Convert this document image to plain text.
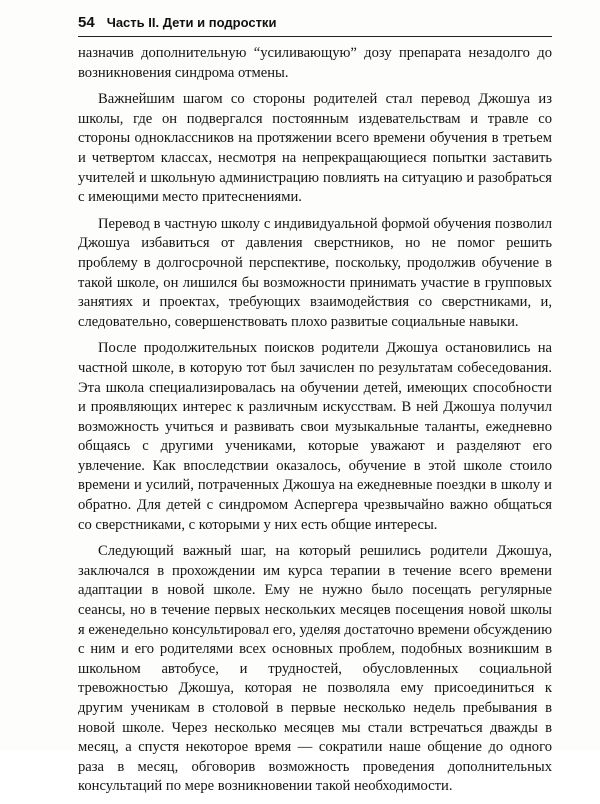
54 Часть II. Дети и подростки

назначив дополнительную “усиливающую” дозу препарата незадолго до возникновения синдрома отмены.

Важнейшим шагом со стороны родителей стал перевод Джошуа из школы, где он подвергался постоянным издевательствам и травле со стороны одноклассников на протяжении всего времени обучения в третьем и четвертом классах, несмотря на непрекращающиеся попытки заставить учителей и школьную администрацию повлиять на ситуацию и разобраться с имеющими место притеснениями.

Перевод в частную школу с индивидуальной формой обучения позволил Джошуа избавиться от давления сверстников, но не помог решить проблему в долгосрочной перспективе, поскольку, продолжив обучение в такой школе, он лишился бы возможности принимать участие в групповых занятиях и проектах, требующих взаимодействия со сверстниками, и, следовательно, совершенствовать плохо развитые социальные навыки.

После продолжительных поисков родители Джошуа остановились на частной школе, в которую тот был зачислен по результатам собеседования. Эта школа специализировалась на обучении детей, имеющих способности и проявляющих интерес к различным искусствам. В ней Джошуа получил возможность учиться и развивать свои музыкальные таланты, ежедневно общаясь с другими учениками, которые уважают и разделяют его увлечение. Как впоследствии оказалось, обучение в этой школе стоило времени и усилий, потраченных Джошуа на ежедневные поездки в школу и обратно. Для детей с синдромом Аспергера чрезвычайно важно общаться со сверстниками, с которыми у них есть общие интересы.

Следующий важный шаг, на который решились родители Джошуа, заключался в прохождении им курса терапии в течение всего времени адаптации в новой школе. Ему не нужно было посещать регулярные сеансы, но в течение первых нескольких месяцев посещения новой школы я еженедельно консультировал его, уделяя достаточно времени обсуждению с ним и его родителями всех основных проблем, подобных возникшим в школьном автобусе, и трудностей, обусловленных социальной тревожностью Джошуа, которая не позволяла ему присоединиться к другим ученикам в столовой в первые несколько недель пребывания в новой школе. Через несколько месяцев мы стали встречаться дважды в месяц, а спустя некоторое время — сократили наше общение до одного раза в месяц, обговорив возможность проведения дополнительных консультаций по мере возникновении такой необходимости.
